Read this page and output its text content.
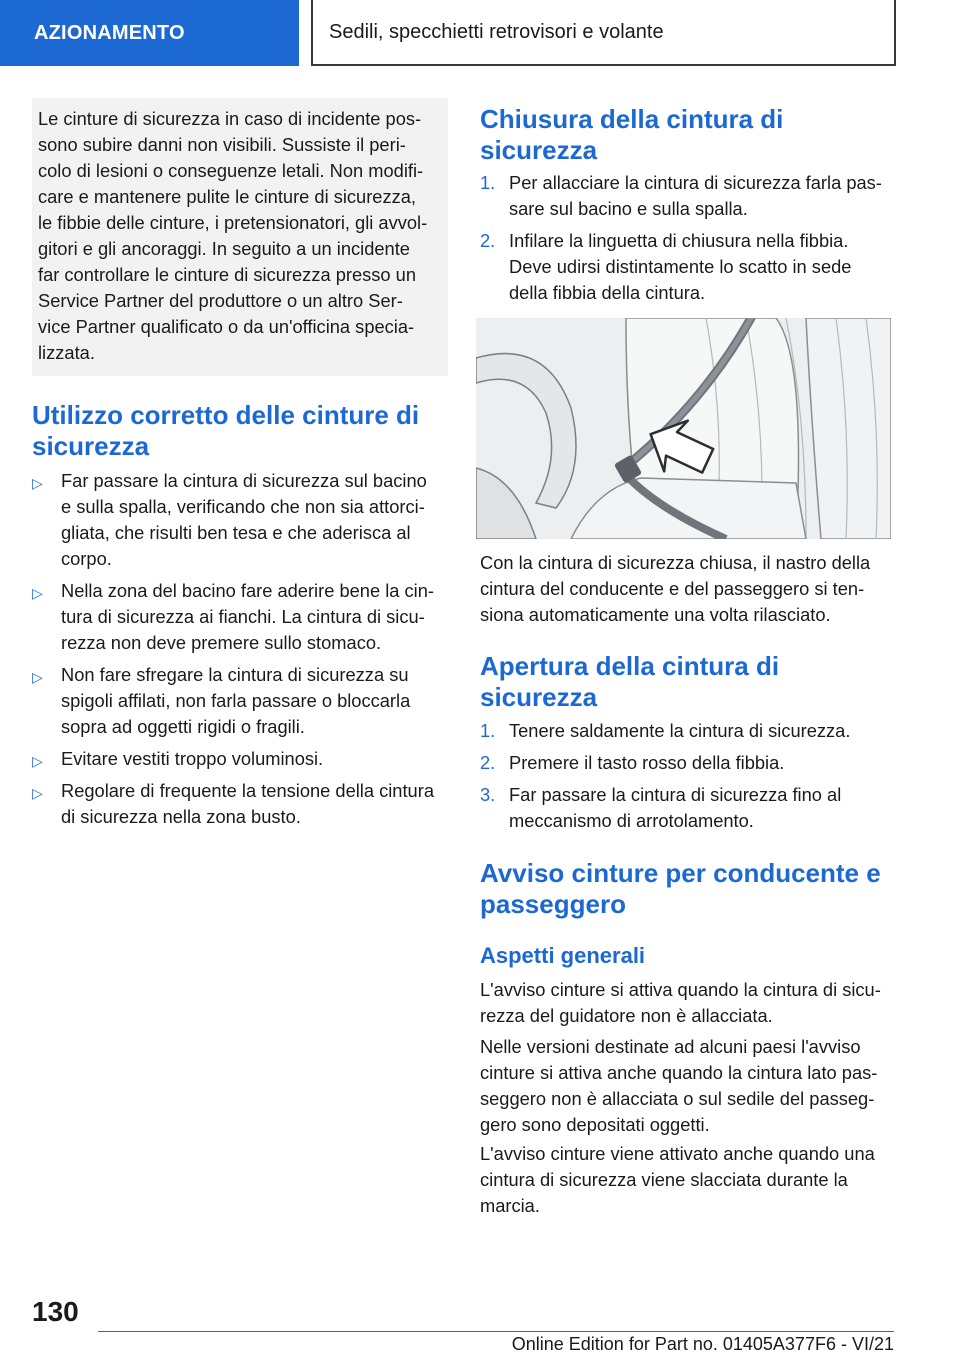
AZIONAMENTO	Sedili, specchietti retrovisori e volante
Le cinture di sicurezza in caso di incidente pos-
sono subire danni non visibili. Sussiste il peri-
colo di lesioni o conseguenze letali. Non modifi-
care e mantenere pulite le cinture di sicurezza,
le fibbie delle cinture, i pretensionatori, gli avvol-
gitori e gli ancoraggi. In seguito a un incidente
far controllare le cinture di sicurezza presso un
Service Partner del produttore o un altro Ser-
vice Partner qualificato o da un'officina specia-
lizzata.
Utilizzo corretto delle cinture di
sicurezza
▷ Far passare la cintura di sicurezza sul bacino
e sulla spalla, verificando che non sia attorci-
gliata, che risulti ben tesa e che aderisca al
corpo.
▷ Nella zona del bacino fare aderire bene la cin-
tura di sicurezza ai fianchi. La cintura di sicu-
rezza non deve premere sullo stomaco.
▷ Non fare sfregare la cintura di sicurezza su
spigoli affilati, non farla passare o bloccarla
sopra ad oggetti rigidi o fragili.
▷ Evitare vestiti troppo voluminosi.
▷ Regolare di frequente la tensione della cintura
di sicurezza nella zona busto.
Chiusura della cintura di
sicurezza
1. Per allacciare la cintura di sicurezza farla pas-
sare sul bacino e sulla spalla.
2. Infilare la linguetta di chiusura nella fibbia.
Deve udirsi distintamente lo scatto in sede
della fibbia della cintura.
Con la cintura di sicurezza chiusa, il nastro della
cintura del conducente e del passeggero si ten-
siona automaticamente una volta rilasciato.
Apertura della cintura di
sicurezza
1. Tenere saldamente la cintura di sicurezza.
2. Premere il tasto rosso della fibbia.
3. Far passare la cintura di sicurezza fino al
meccanismo di arrotolamento.
Avviso cinture per conducente e
passeggero
Aspetti generali
L'avviso cinture si attiva quando la cintura di sicu-
rezza del guidatore non è allacciata.
Nelle versioni destinate ad alcuni paesi l'avviso
cinture si attiva anche quando la cintura lato pas-
seggero non è allacciata o sul sedile del passeg-
gero sono depositati oggetti.
L'avviso cinture viene attivato anche quando una
cintura di sicurezza viene slacciata durante la
marcia.
130
Online Edition for Part no. 01405A377F6 - VI/21
